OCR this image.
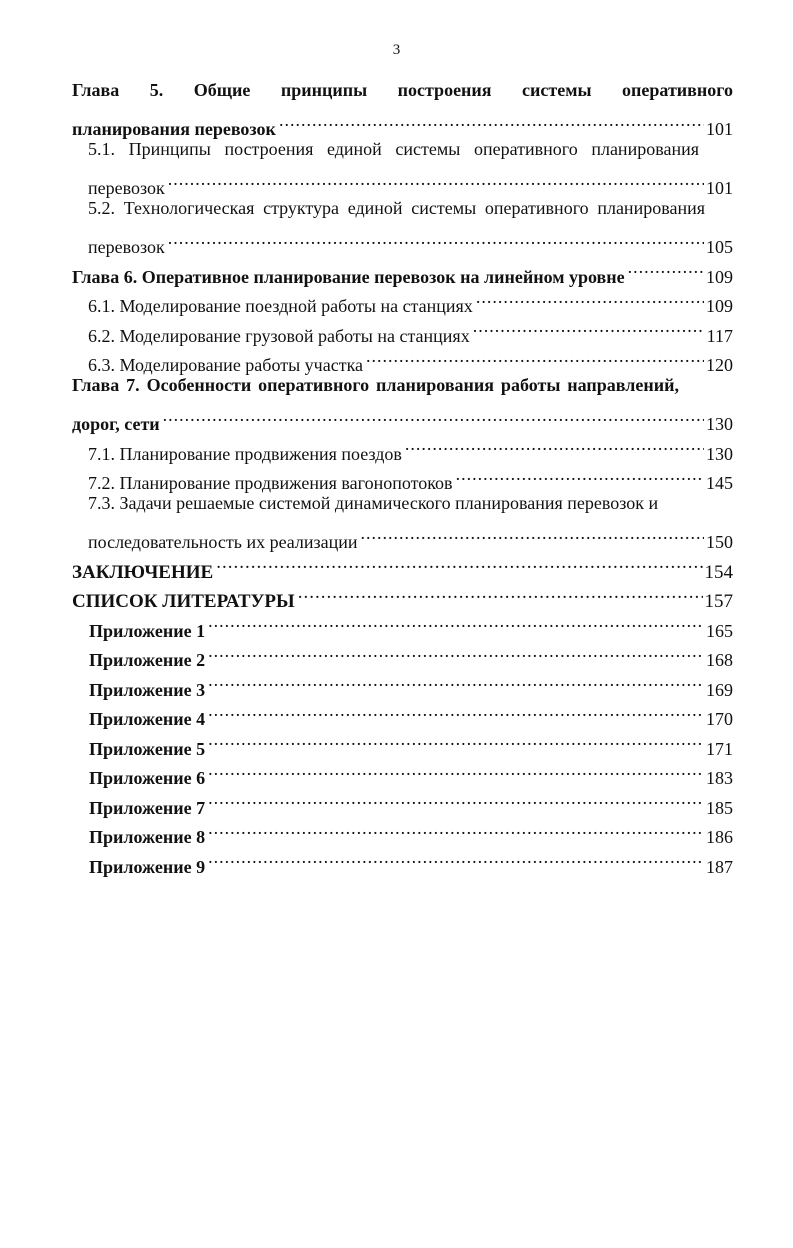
3
Глава 5. Общие принципы построения системы оперативного
планирования перевозок .....	101
5.1. Принципы построения единой системы оперативного планирования
перевозок .....	101
5.2. Технологическая структура единой системы оперативного планирования
перевозок .....	105
Глава 6. Оперативное планирование перевозок на линейном уровне .....	109
6.1. Моделирование поездной работы на станциях .....	109
6.2. Моделирование грузовой работы на станциях .....	117
6.3. Моделирование работы участка .....	120
Глава 7. Особенности оперативного планирования работы направлений,
дорог, сети .....	130
7.1. Планирование продвижения поездов .....	130
7.2. Планирование продвижения вагонопотоков .....	145
7.3. Задачи решаемые системой динамического планирования перевозок и
последовательность их реализации .....	150
ЗАКЛЮЧЕНИЕ .....	154
СПИСОК ЛИТЕРАТУРЫ .....	157
Приложение 1 .....	165
Приложение 2 .....	168
Приложение 3 .....	169
Приложение 4 .....	170
Приложение 5 .....	171
Приложение 6 .....	183
Приложение 7 .....	185
Приложение 8 .....	186
Приложение 9 .....	187
